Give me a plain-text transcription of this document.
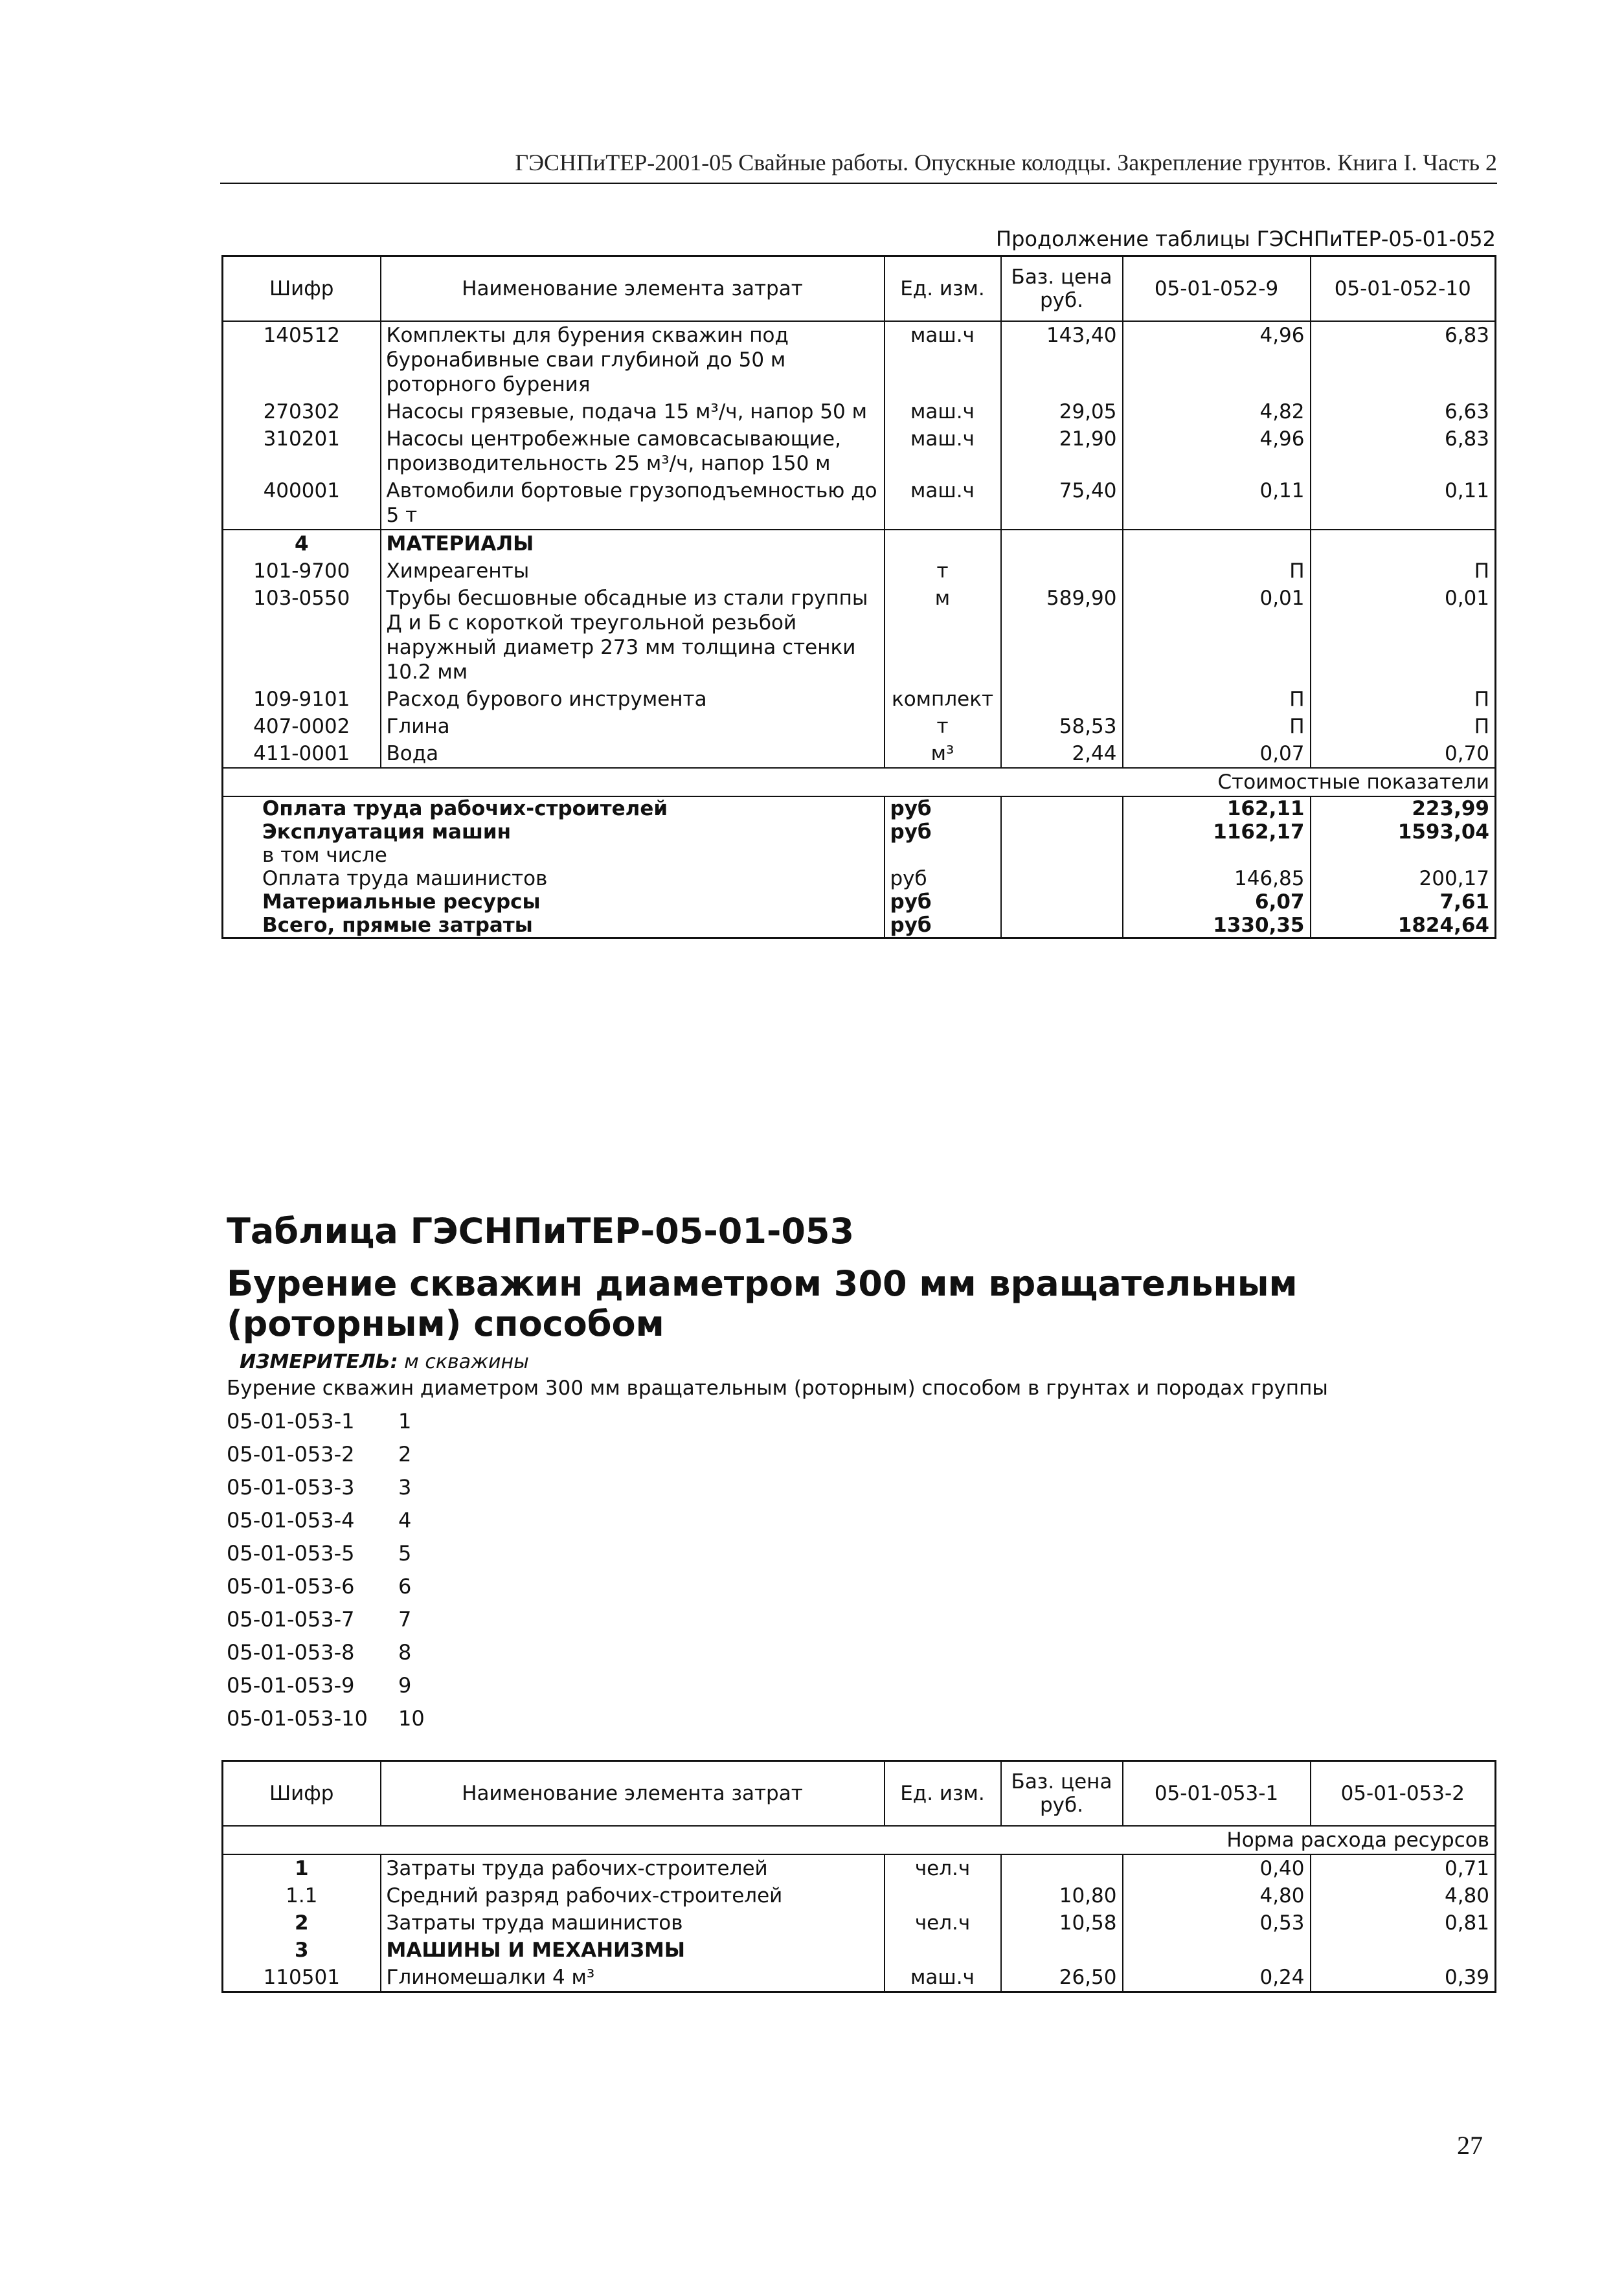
ГЭСНПиТЕР-2001-05 Свайные работы. Опускные колодцы. Закрепление грунтов. Книга I. Часть 2
Продолжение таблицы ГЭСНПиТЕР-05-01-052
Шифр	Наименование элемента затрат	Ед. изм.	Баз. цена руб.	05-01-052-9	05-01-052-10
140512	Комплекты для бурения скважин под буронабивные сваи глубиной до 50 м роторного бурения	маш.ч	143,40	4,96	6,83
270302	Насосы грязевые, подача 15 м³/ч, напор 50 м	маш.ч	29,05	4,82	6,63
310201	Насосы центробежные самовсасывающие, производительность 25 м³/ч, напор 150 м	маш.ч	21,90	4,96	6,83
400001	Автомобили бортовые грузоподъемностью до 5 т	маш.ч	75,40	0,11	0,11
4	МАТЕРИАЛЫ				
101-9700	Химреагенты	т		П	П
103-0550	Трубы бесшовные обсадные из стали группы Д и Б с короткой треугольной резьбой наружный диаметр 273 мм толщина стенки 10.2 мм	м	589,90	0,01	0,01
109-9101	Расход бурового инструмента	комплект		П	П
407-0002	Глина	т	58,53	П	П
411-0001	Вода	м³	2,44	0,07	0,70
				Стоимостные показатели	
Оплата труда рабочих-строителей		руб		162,11	223,99
Эксплуатация машин		руб		1162,17	1593,04
в том числе					
Оплата труда машинистов		руб		146,85	200,17
Материальные ресурсы		руб		6,07	7,61
Всего, прямые затраты		руб		1330,35	1824,64
Таблица ГЭСНПиТЕР-05-01-053
Бурение скважин диаметром 300 мм вращательным (роторным) способом
ИЗМЕРИТЕЛЬ: м скважины
Бурение скважин диаметром 300 мм вращательным (роторным) способом в грунтах и породах группы
05-01-053-1	1
05-01-053-2	2
05-01-053-3	3
05-01-053-4	4
05-01-053-5	5
05-01-053-6	6
05-01-053-7	7
05-01-053-8	8
05-01-053-9	9
05-01-053-10	10
Шифр	Наименование элемента затрат	Ед. изм.	Баз. цена руб.	05-01-053-1	05-01-053-2
				Норма расхода ресурсов	
1	Затраты труда рабочих-строителей	чел.ч		0,40	0,71
1.1	Средний разряд рабочих-строителей		10,80	4,80	4,80
2	Затраты труда машинистов	чел.ч	10,58	0,53	0,81
3	МАШИНЫ И МЕХАНИЗМЫ				
110501	Глиномешалки 4 м³	маш.ч	26,50	0,24	0,39
27
